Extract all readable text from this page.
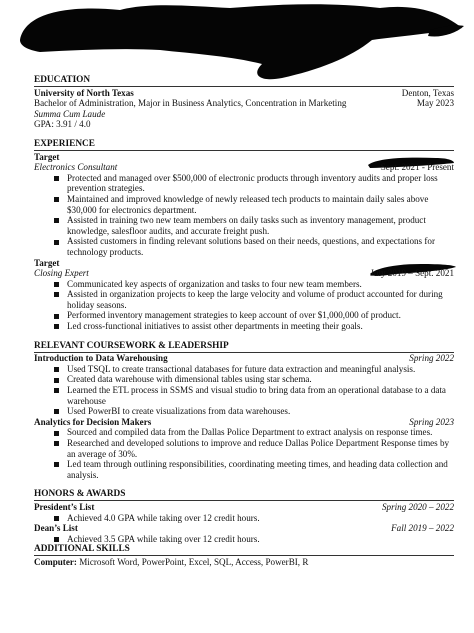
EDUCATION
University of North Texas	Denton, Texas
Bachelor of Administration, Major in Business Analytics, Concentration in Marketing	May 2023
Summa Cum Laude
GPA: 3.91 / 4.0
EXPERIENCE
Target
Electronics Consultant	Sept. 2021 - Present
Protected and managed over $500,000 of electronic products through inventory audits and proper loss prevention strategies.
Maintained and improved knowledge of newly released tech products to maintain daily sales above $30,000 for electronics department.
Assisted in training two new team members on daily tasks such as inventory management, product knowledge, salesfloor audits, and accurate freight push.
Assisted customers in finding relevant solutions based on their needs, questions, and expectations for technology products.
Target
Closing Expert	July 2019 – Sept. 2021
Communicated key aspects of organization and tasks to four new team members.
Assisted in organization projects to keep the large velocity and volume of product accounted for during holiday seasons.
Performed inventory management strategies to keep account of over $1,000,000 of product.
Led cross-functional initiatives to assist other departments in meeting their goals.
RELEVANT COURSEWORK & LEADERSHIP
Introduction to Data Warehousing	Spring 2022
Used TSQL to create transactional databases for future data extraction and meaningful analysis.
Created data warehouse with dimensional tables using star schema.
Learned the ETL process in SSMS and visual studio to bring data from an operational database to a data warehouse
Used PowerBI to create visualizations from data warehouses.
Analytics for Decision Makers	Spring 2023
Sourced and compiled data from the Dallas Police Department to extract analysis on response times.
Researched and developed solutions to improve and reduce Dallas Police Department Response times by an average of 30%.
Led team through outlining responsibilities, coordinating meeting times, and heading data collection and analysis.
HONORS & AWARDS
President’s List	Spring 2020 – 2022
Achieved 4.0 GPA while taking over 12 credit hours.
Dean’s List	Fall 2019 – 2022
Achieved 3.5 GPA while taking over 12 credit hours.
ADDITIONAL SKILLS
Computer: Microsoft Word, PowerPoint, Excel, SQL, Access, PowerBI, R
